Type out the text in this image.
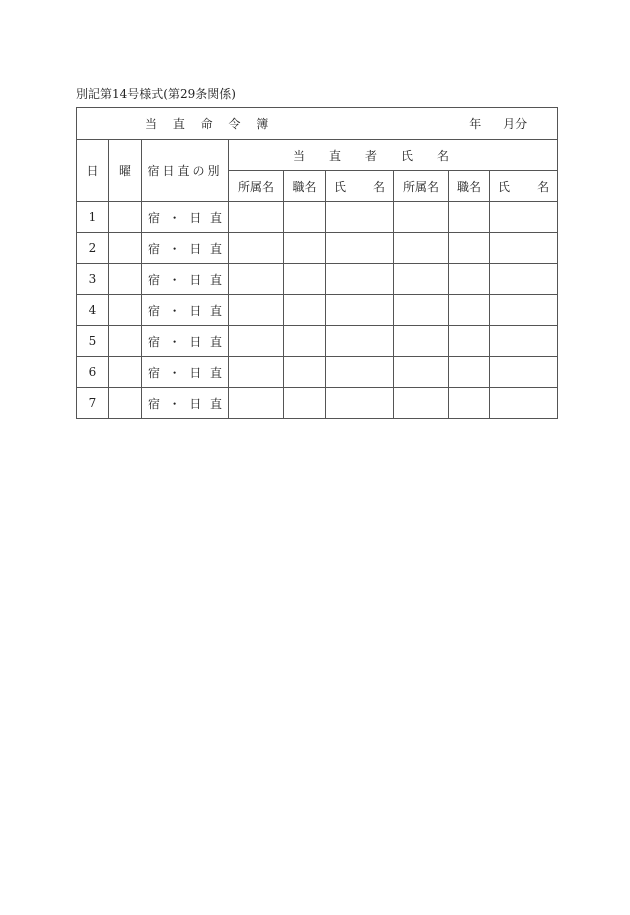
別記第14号様式(第29条関係)
当 直 命 令 簿 年 月分								

日	曜	宿日直の別	当　　直　　者　　氏　　名					
			所属名	職名	氏 名	所属名	職名	氏 名

1		宿 ・ 日 直						

2		宿 ・ 日 直						

3		宿 ・ 日 直						

4		宿 ・ 日 直						

5		宿 ・ 日 直						

6		宿 ・ 日 直						

7		宿 ・ 日 直						
